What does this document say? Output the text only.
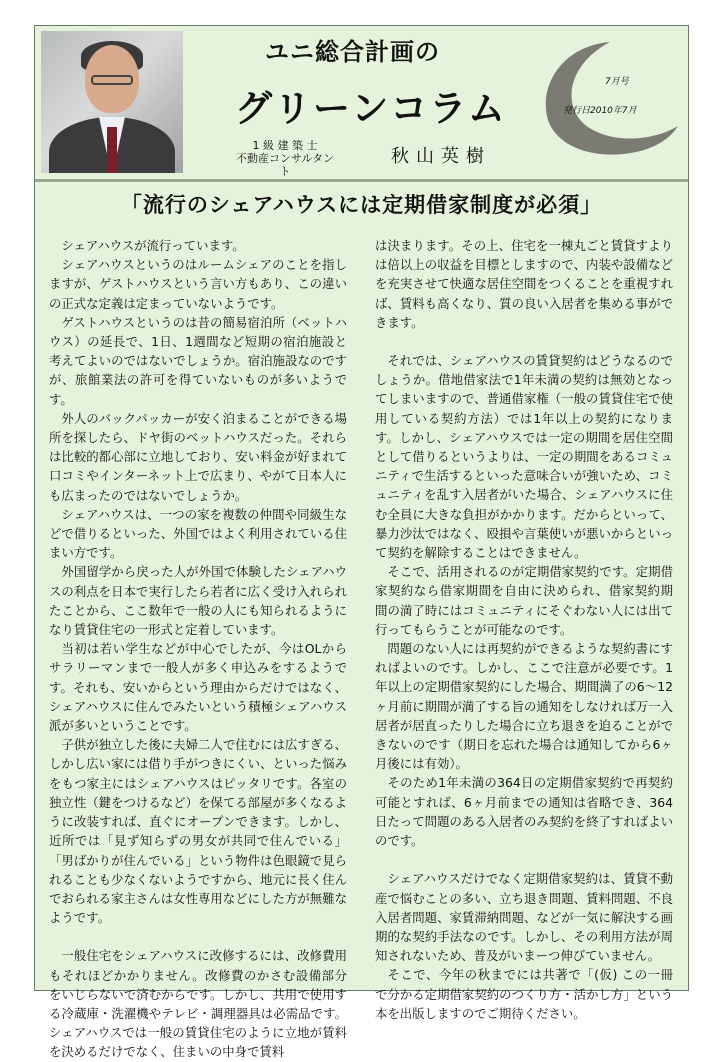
ユニ総合計画の
グリーンコラム
1 級 建 築 士
不動産コンサルタント
秋山英樹
7月号
発行日2010年7月
「流行のシェアハウスには定期借家制度が必須」

シェアハウスが流行っています。

シェアハウスというのはルームシェアのことを指しますが、ゲストハウスという言い方もあり、この違いの正式な定義は定まっていないようです。

ゲストハウスというのは昔の簡易宿泊所（ベットハウス）の延長で、1日、1週間など短期の宿泊施設と考えてよいのではないでしょうか。宿泊施設なのですが、旅館業法の許可を得ていないものが多いようです。

外人のバックパッカーが安く泊まることができる場所を探したら、ドヤ街のベットハウスだった。それらは比較的都心部に立地しており、安い料金が好まれて口コミやインターネット上で広まり、やがて日本人にも広まったのではないでしょうか。

シェアハウスは、一つの家を複数の仲間や同級生などで借りるといった、外国ではよく利用されている住まい方です。

外国留学から戻った人が外国で体験したシェアハウスの利点を日本で実行したら若者に広く受け入れられたことから、ここ数年で一般の人にも知られるようになり賃貸住宅の一形式と定着しています。

当初は若い学生などが中心でしたが、今はOLからサラリーマンまで一般人が多く申込みをするようです。それも、安いからという理由からだけではなく、シェアハウスに住んでみたいという積極シェアハウス派が多いということです。

子供が独立した後に夫婦二人で住むには広すぎる、しかし広い家には借り手がつきにくい、といった悩みをもつ家主にはシェアハウスはピッタリです。各室の独立性（鍵をつけるなど）を保てる部屋が多くなるように改装すれば、直ぐにオープンできます。しかし、近所では「見ず知らずの男女が共同で住んでいる」「男ばかりが住んでいる」という物件は色眼鏡で見られることも少なくないようですから、地元に長く住んでおられる家主さんは女性専用などにした方が無難なようです。

一般住宅をシェアハウスに改修するには、改修費用もそれほどかかりません。改修費のかさむ設備部分をいじらないで済むからです。しかし、共用で使用する冷蔵庫・洗濯機やテレビ・調理器具は必需品です。シェアハウスでは一般の賃貸住宅のように立地が賃料を決めるだけでなく、住まいの中身で賃料

は決まります。その上、住宅を一棟丸ごと賃貸すよりは倍以上の収益を目標としますので、内装や設備などを充実させて快適な居住空間をつくることを重視すれば、賃料も高くなり、質の良い入居者を集める事ができます。

それでは、シェアハウスの賃貸契約はどうなるのでしょうか。借地借家法で1年未満の契約は無効となってしまいますので、普通借家権（一般の賃貸住宅で使用している契約方法）では1年以上の契約になります。しかし、シェアハウスでは一定の期間を居住空間として借りるというよりは、一定の期間をあるコミュニティで生活するといった意味合いが強いため、コミュニティを乱す入居者がいた場合、シェアハウスに住む全員に大きな負担がかかります。だからといって、暴力沙汰ではなく、殴損や言葉使いが悪いからといって契約を解除することはできません。

そこで、活用されるのが定期借家契約です。定期借家契約なら借家期間を自由に決められ、借家契約期間の満了時にはコミュニティにそぐわない人には出て行ってもらうことが可能なのです。

問題のない人には再契約ができるような契約書にすればよいのです。しかし、ここで注意が必要です。1年以上の定期借家契約にした場合、期間満了の6〜12ヶ月前に期間が満了する旨の通知をしなければ万一入居者が居直ったりした場合に立ち退きを迫ることができないのです（期日を忘れた場合は通知してから6ヶ月後には有効）。

そのため1年未満の364日の定期借家契約で再契約可能とすれば、6ヶ月前までの通知は省略でき、364日たって問題のある入居者のみ契約を終了すればよいのです。

シェアハウスだけでなく定期借家契約は、賃貸不動産で悩むことの多い、立ち退き問題、賃料問題、不良入居者問題、家賃滞納問題、などが一気に解決する画期的な契約手法なのです。しかし、その利用方法が周知されないため、普及がいまーつ伸びていません。

そこで、今年の秋までには共著で「(仮) この一冊で分かる定期借家契約のつくり方・活かし方」という本を出版しますのでご期待ください。
